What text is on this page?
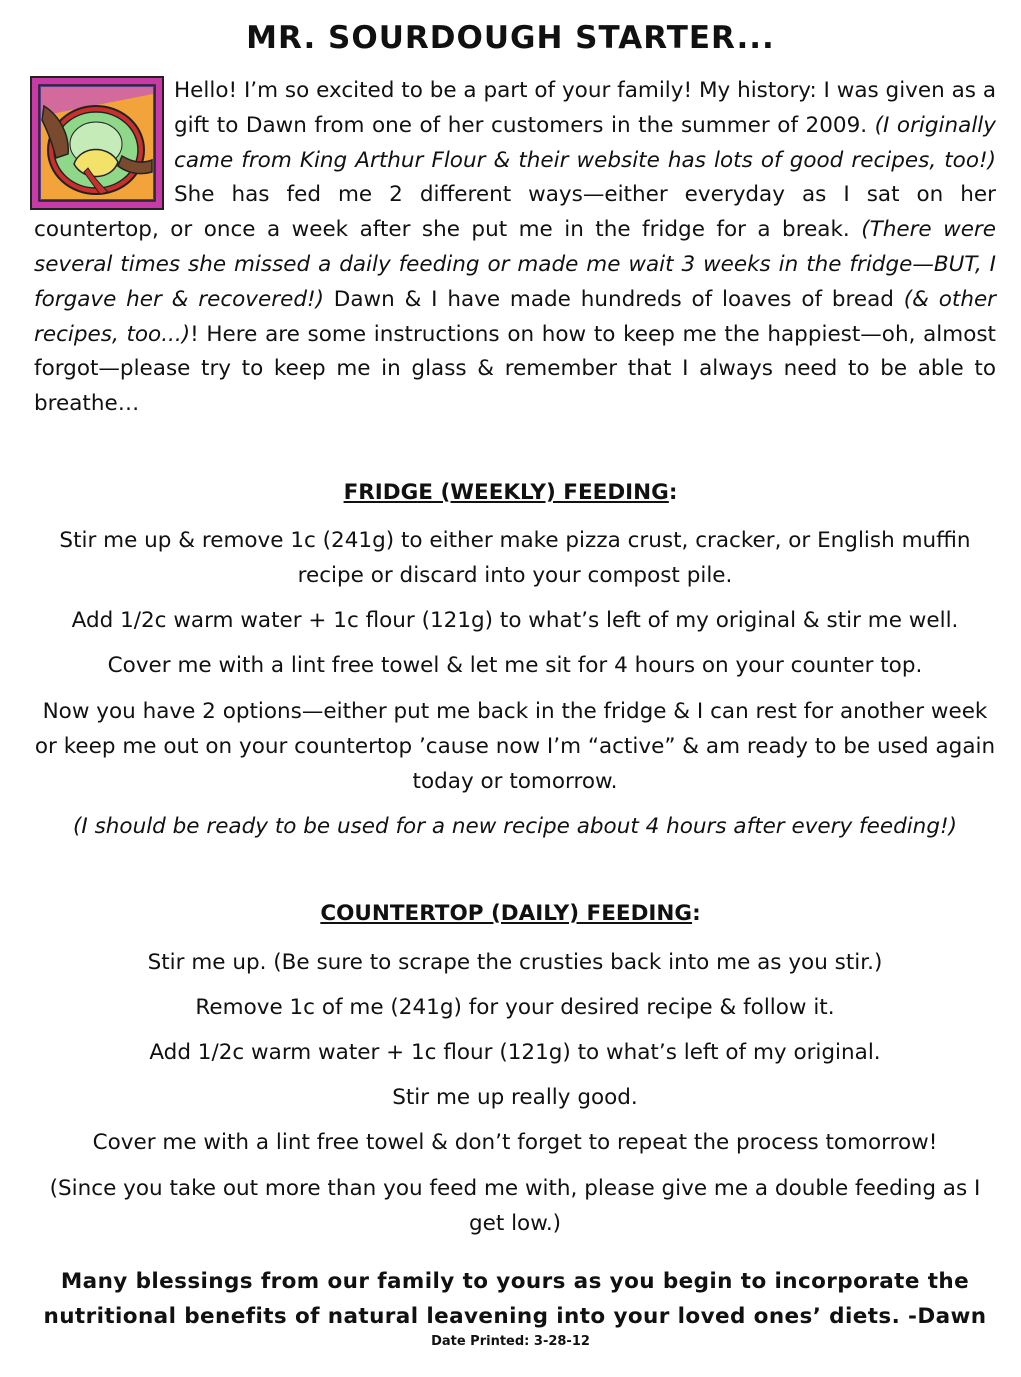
MR. SOURDOUGH STARTER...

Hello! I’m so excited to be a part of your family! My history: I was given as a gift to Dawn from one of her customers in the summer of 2009. (I originally came from King Arthur Flour & their website has lots of good recipes, too!) She has fed me 2 different ways—either everyday as I sat on her countertop, or once a week after she put me in the fridge for a break. (There were several times she missed a daily feeding or made me wait 3 weeks in the fridge—BUT, I forgave her & recovered!) Dawn & I have made hundreds of loaves of bread (& other recipes, too...)! Here are some instructions on how to keep me the happiest—oh, almost forgot—please try to keep me in glass & remember that I always need to be able to breathe…

FRIDGE (WEEKLY) FEEDING:

Stir me up & remove 1c (241g) to either make pizza crust, cracker, or English muffin recipe or discard into your compost pile.

Add 1/2c warm water + 1c flour (121g) to what’s left of my original & stir me well.

Cover me with a lint free towel & let me sit for 4 hours on your counter top.

Now you have 2 options—either put me back in the fridge & I can rest for another week or keep me out on your countertop ’cause now I’m “active” & am ready to be used again today or tomorrow.

(I should be ready to be used for a new recipe about 4 hours after every feeding!)

COUNTERTOP (DAILY) FEEDING:

Stir me up. (Be sure to scrape the crusties back into me as you stir.)

Remove 1c of me (241g) for your desired recipe & follow it.

Add 1/2c warm water + 1c flour (121g) to what’s left of my original.

Stir me up really good.

Cover me with a lint free towel & don’t forget to repeat the process tomorrow!

(Since you take out more than you feed me with, please give me a double feeding as I get low.)

Many blessings from our family to yours as you begin to incorporate the nutritional benefits of natural leavening into your loved ones’ diets. -Dawn

Date Printed: 3-28-12
